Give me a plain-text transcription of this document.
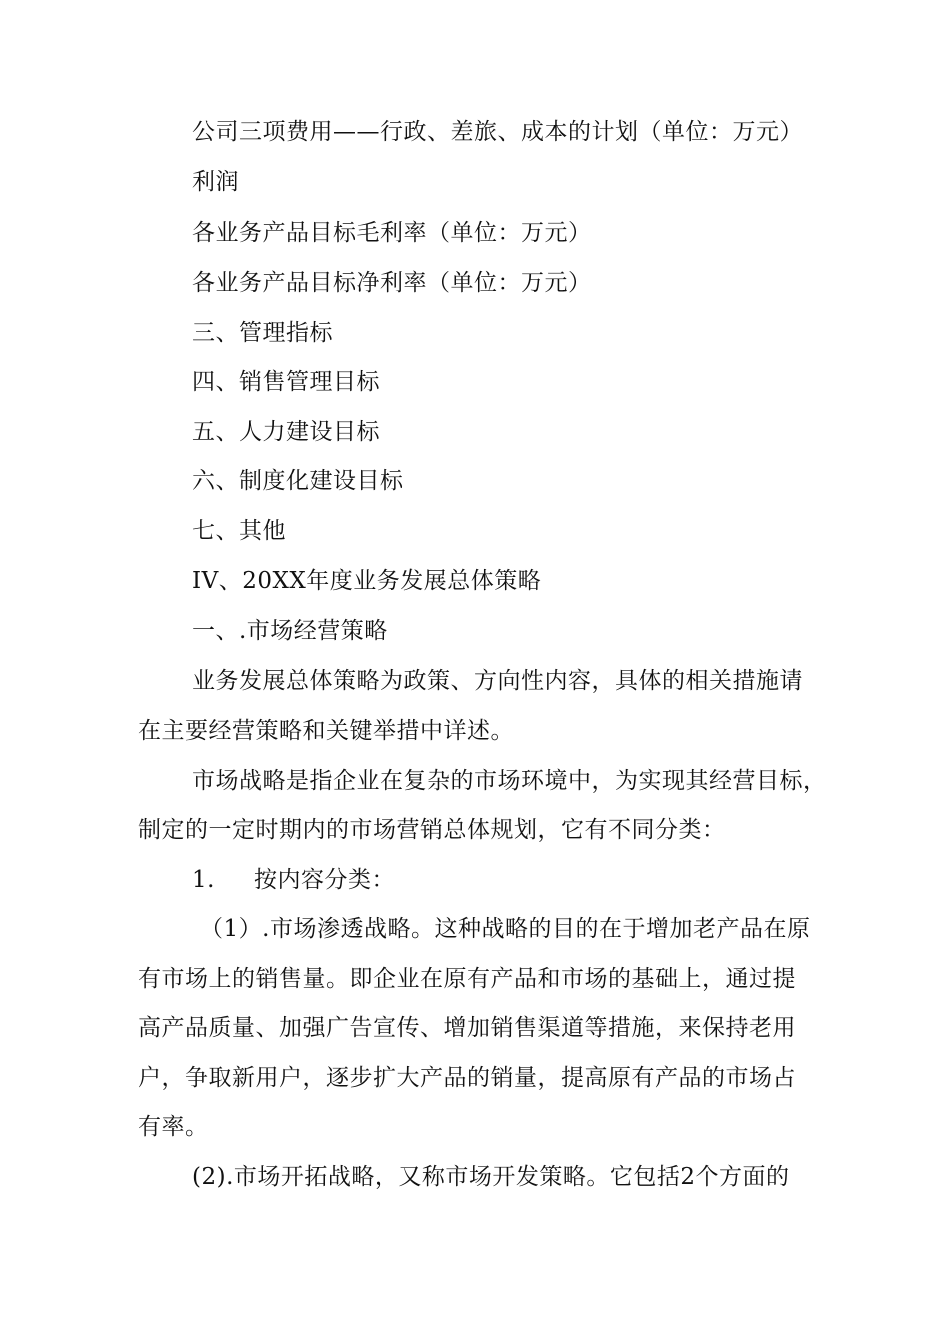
公司三项费用——行政、差旅、成本的计划（单位：万元）
利润
各业务产品目标毛利率（单位：万元）
各业务产品目标净利率（单位：万元）
三、管理指标
四、销售管理目标
五、人力建设目标
六、制度化建设目标
七、其他
IV、20XX年度业务发展总体策略
一、.市场经营策略
业务发展总体策略为政策、方向性内容，具体的相关措施请
在主要经营策略和关键举措中详述。
市场战略是指企业在复杂的市场环境中，为实现其经营目标，
制定的一定时期内的市场营销总体规划，它有不同分类：
1. 按内容分类：
（1）.市场渗透战略。这种战略的目的在于增加老产品在原
有市场上的销售量。即企业在原有产品和市场的基础上，通过提
高产品质量、加强广告宣传、增加销售渠道等措施，来保持老用
户，争取新用户，逐步扩大产品的销量，提高原有产品的市场占
有率。
(2).市场开拓战略，又称市场开发策略。它包括2个方面的
